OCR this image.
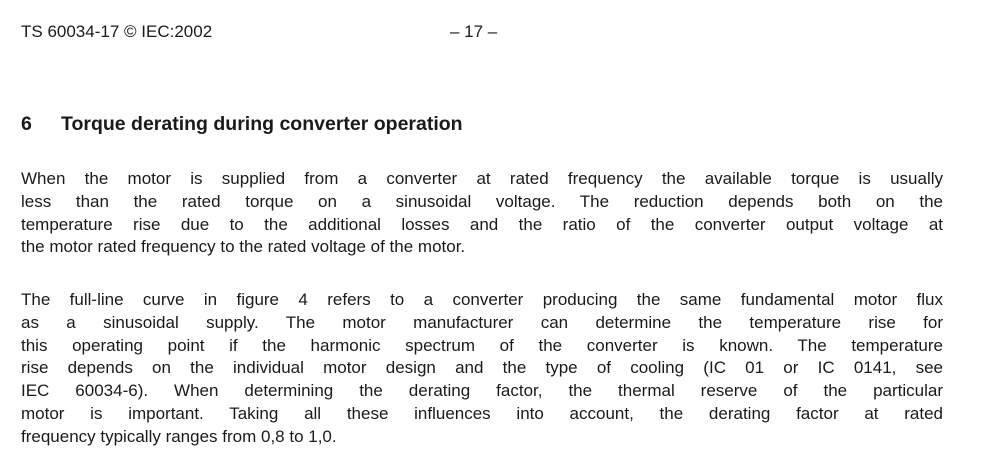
TS 60034-17 © IEC:2002	– 17 –
6 Torque derating during converter operation

When the motor is supplied from a converter at rated frequency the available torque is usually
less than the rated torque on a sinusoidal voltage. The reduction depends both on the
temperature rise due to the additional losses and the ratio of the converter output voltage at
the motor rated frequency to the rated voltage of the motor.

The full-line curve in figure 4 refers to a converter producing the same fundamental motor flux
as a sinusoidal supply. The motor manufacturer can determine the temperature rise for
this operating point if the harmonic spectrum of the converter is known. The temperature
rise depends on the individual motor design and the type of cooling (IC 01 or IC 0141, see
IEC 60034-6). When determining the derating factor, the thermal reserve of the particular
motor is important. Taking all these influences into account, the derating factor at rated
frequency typically ranges from 0,8 to 1,0.
